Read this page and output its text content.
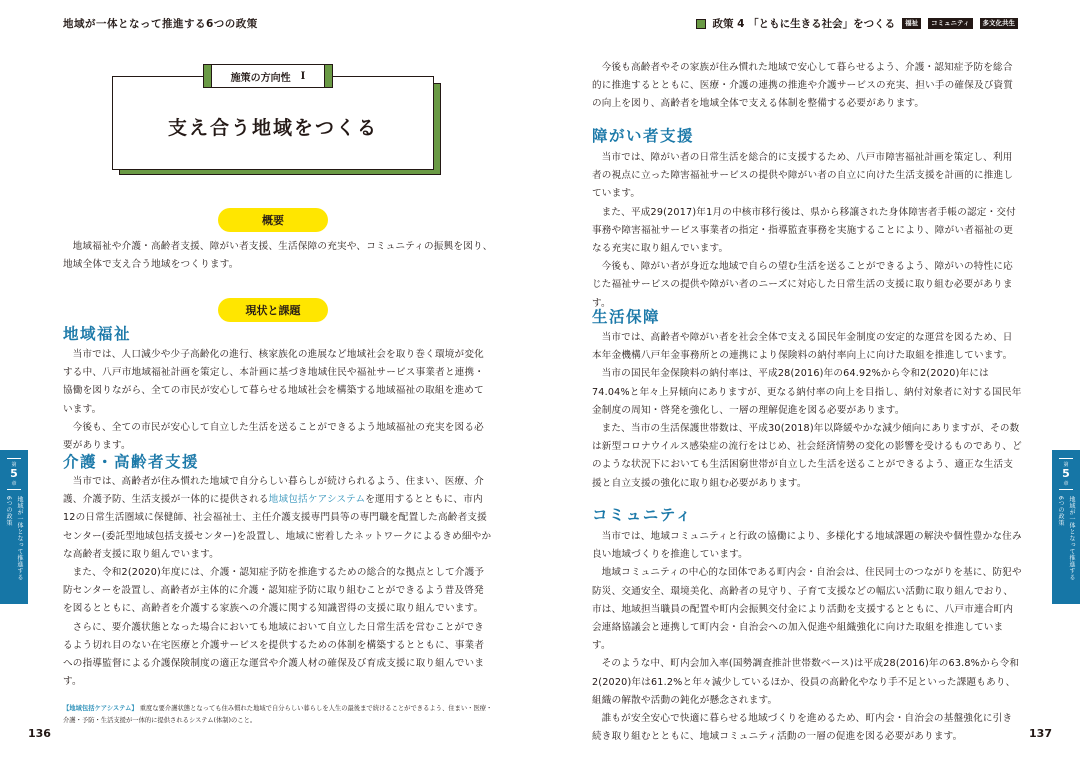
地域が一体となって推進する6つの政策
支え合う地域をつくる
施策の方向性 Ⅰ
概要

地域福祉や介護・高齢者支援、障がい者支援、生活保障の充実や、コミュニティの振興を図り、地域全体で支え合う地域をつくります。

現状と課題
地域福祉

当市では、人口減少や少子高齢化の進行、核家族化の進展など地域社会を取り巻く環境が変化する中、八戸市地域福祉計画を策定し、本計画に基づき地域住民や福祉サービス事業者と連携・協働を図りながら、全ての市民が安心して暮らせる地域社会を構築する地域福祉の取組を進めています。

今後も、全ての市民が安心して自立した生活を送ることができるよう地域福祉の充実を図る必要があります。

介護・高齢者支援

当市では、高齢者が住み慣れた地域で自分らしい暮らしが続けられるよう、住まい、医療、介護、介護予防、生活支援が一体的に提供される地域包括ケアシステムを運用するとともに、市内12の日常生活圏域に保健師、社会福祉士、主任介護支援専門員等の専門職を配置した高齢者支援センター(委託型地域包括支援センター)を設置し、地域に密着したネットワークによるきめ細やかな高齢者支援に取り組んでいます。

また、令和2(2020)年度には、介護・認知症予防を推進するための総合的な拠点として介護予防センターを設置し、高齢者が主体的に介護・認知症予防に取り組むことができるよう普及啓発を図るとともに、高齢者を介護する家族への介護に関する知識習得の支援に取り組んでいます。

さらに、要介護状態となった場合においても地域において自立した日常生活を営むことができるよう切れ目のない在宅医療と介護サービスを提供するための体制を構築するとともに、事業者への指導監督による介護保険制度の適正な運営や介護人材の確保及び育成支援に取り組んでいます。

【地域包括ケアシステム】 重度な要介護状態となっても住み慣れた地域で自分らしい暮らしを人生の最後まで続けることができるよう、住まい・医療・介護・予防・生活支援が一体的に提供されるシステム(体制)のこと。
136
第
5
章
地域が一体となって推進する
6つの政策
政策 4 「ともに生きる社会」をつくる	福祉	コミュニティ	多文化共生

今後も高齢者やその家族が住み慣れた地域で安心して暮らせるよう、介護・認知症予防を総合的に推進するとともに、医療・介護の連携の推進や介護サービスの充実、担い手の確保及び資質の向上を図り、高齢者を地域全体で支える体制を整備する必要があります。

障がい者支援

当市では、障がい者の日常生活を総合的に支援するため、八戸市障害福祉計画を策定し、利用者の視点に立った障害福祉サービスの提供や障がい者の自立に向けた生活支援を計画的に推進しています。

また、平成29(2017)年1月の中核市移行後は、県から移譲された身体障害者手帳の認定・交付事務や障害福祉サービス事業者の指定・指導監査事務を実施することにより、障がい者福祉の更なる充実に取り組んでいます。

今後も、障がい者が身近な地域で自らの望む生活を送ることができるよう、障がいの特性に応じた福祉サービスの提供や障がい者のニーズに対応した日常生活の支援に取り組む必要があります。

生活保障

当市では、高齢者や障がい者を社会全体で支える国民年金制度の安定的な運営を図るため、日本年金機構八戸年金事務所との連携により保険料の納付率向上に向けた取組を推進しています。

当市の国民年金保険料の納付率は、平成28(2016)年の64.92%から令和2(2020)年には74.04%と年々上昇傾向にありますが、更なる納付率の向上を目指し、納付対象者に対する国民年金制度の周知・啓発を強化し、一層の理解促進を図る必要があります。

また、当市の生活保護世帯数は、平成30(2018)年以降緩やかな減少傾向にありますが、その数は新型コロナウイルス感染症の流行をはじめ、社会経済情勢の変化の影響を受けるものであり、どのような状況下においても生活困窮世帯が自立した生活を送ることができるよう、適正な生活支援と自立支援の強化に取り組む必要があります。

コミュニティ

当市では、地域コミュニティと行政の協働により、多様化する地域課題の解決や個性豊かな住み良い地域づくりを推進しています。

地域コミュニティの中心的な団体である町内会・自治会は、住民同士のつながりを基に、防犯や防災、交通安全、環境美化、高齢者の見守り、子育て支援などの幅広い活動に取り組んでおり、市は、地域担当職員の配置や町内会振興交付金により活動を支援するとともに、八戸市連合町内会連絡協議会と連携して町内会・自治会への加入促進や組織強化に向けた取組を推進しています。

そのような中、町内会加入率(国勢調査推計世帯数ベース)は平成28(2016)年の63.8%から令和2(2020)年は61.2%と年々減少しているほか、役員の高齢化やなり手不足といった課題もあり、組織の解散や活動の鈍化が懸念されます。

誰もが安全安心で快適に暮らせる地域づくりを進めるため、町内会・自治会の基盤強化に引き続き取り組むとともに、地域コミュニティ活動の一層の促進を図る必要があります。	137
第
5
章
地域が一体となって推進する
6つの政策
